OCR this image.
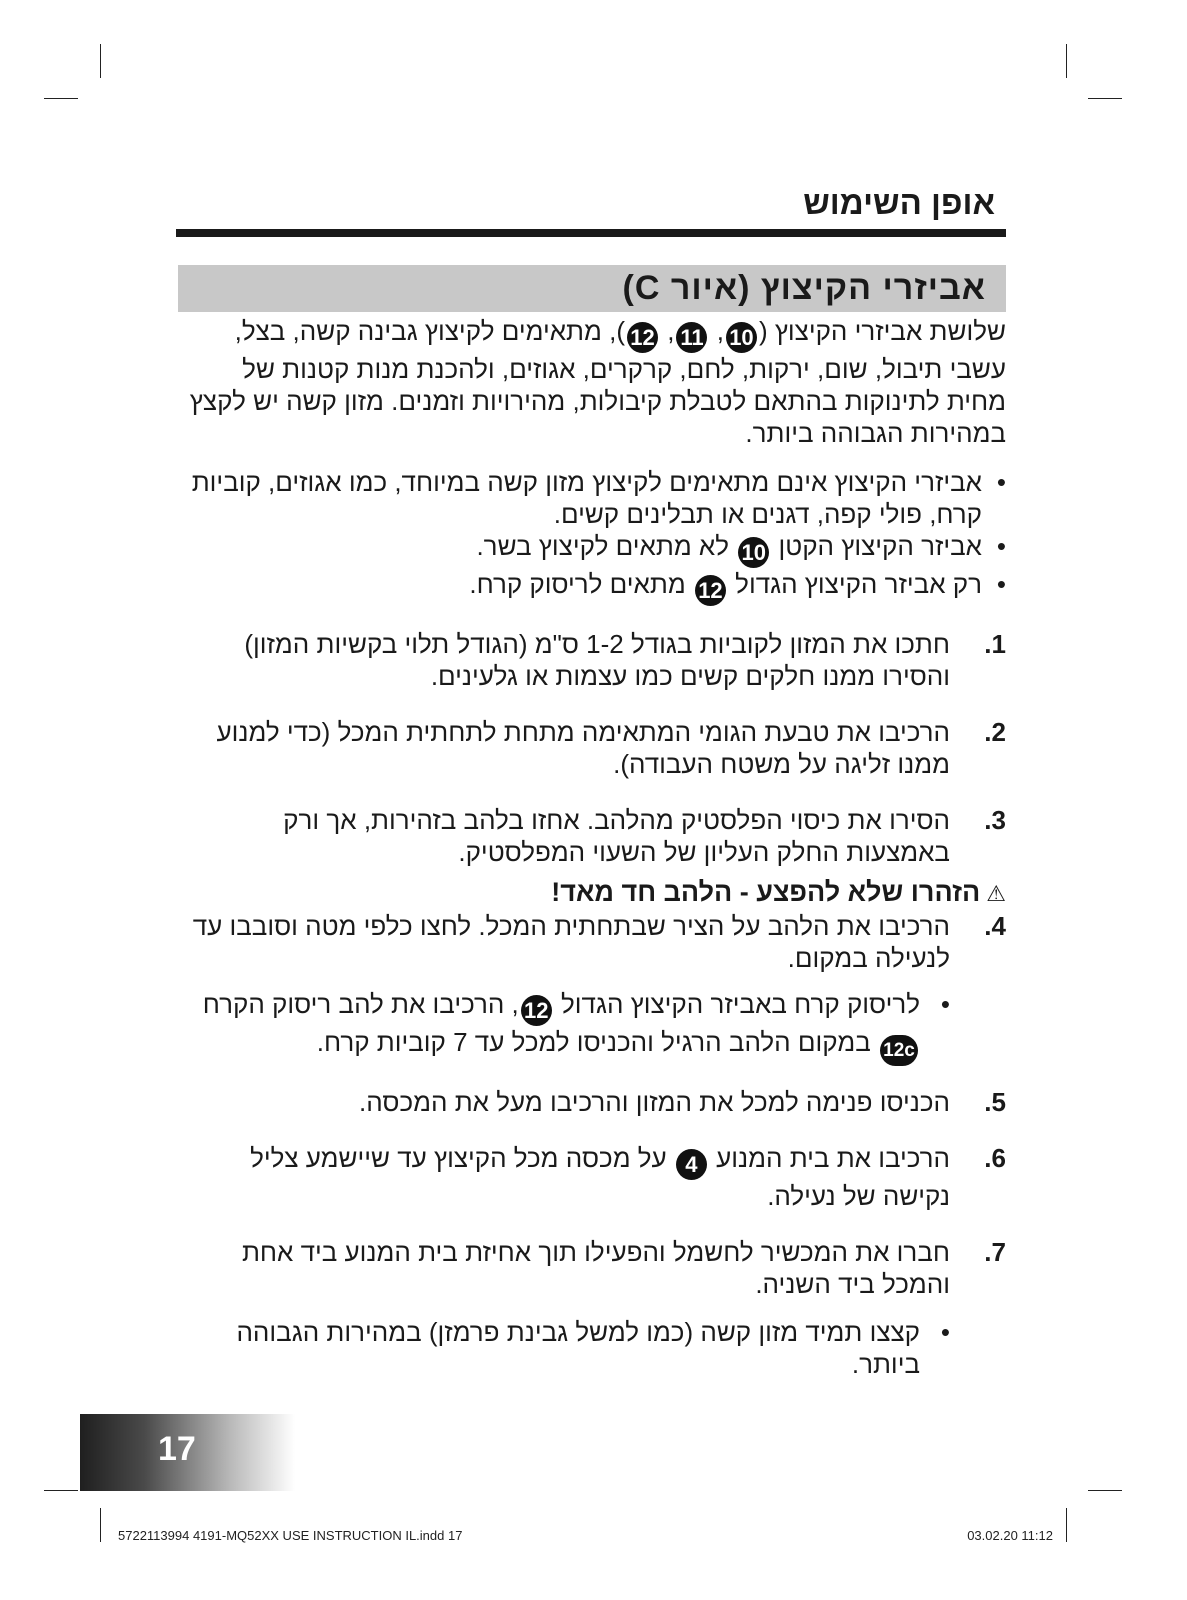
אופן השימוש
אביזרי הקיצוץ (איור C)

שלושת אביזרי הקיצוץ (10, 11, 12), מתאימים לקיצוץ גבינה קשה, בצל, עשבי תיבול, שום, ירקות, לחם, קרקרים, אגוזים, ולהכנת מנות קטנות של מחית לתינוקות בהתאם לטבלת קיבולות, מהירויות וזמנים. מזון קשה יש לקצץ במהירות הגבוהה ביותר.

• אביזרי הקיצוץ אינם מתאימים לקיצוץ מזון קשה במיוחד, כמו אגוזים, קוביות קרח, פולי קפה, דגנים או תבלינים קשים.

• אביזר הקיצוץ הקטן 10 לא מתאים לקיצוץ בשר.

• רק אביזר הקיצוץ הגדול 12 מתאים לריסוק קרח.

1.
חתכו את המזון לקוביות בגודל 1-2 ס"מ (הגודל תלוי בקשיות המזון) והסירו ממנו חלקים קשים כמו עצמות או גלעינים.
2.
הרכיבו את טבעת הגומי המתאימה מתחת לתחתית המכל (כדי למנוע ממנו זליגה על משטח העבודה).
3.
הסירו את כיסוי הפלסטיק מהלהב. אחזו בלהב בזהירות, אך ורק באמצעות החלק העליון של השעוי המפלסטיק.

⚠הזהרו שלא להפצע - הלהב חד מאד!

4.
הרכיבו את הלהב על הציר שבתחתית המכל. לחצו כלפי מטה וסובבו עד לנעילה במקום.

• לריסוק קרח באביזר הקיצוץ הגדול 12, הרכיבו את להב ריסוק הקרח 12c במקום הלהב הרגיל והכניסו למכל עד 7 קוביות קרח.

5.
הכניסו פנימה למכל את המזון והרכיבו מעל את המכסה.
6.
הרכיבו את בית המנוע 4 על מכסה מכל הקיצוץ עד שיישמע צליל נקישה של נעילה.
7.
חברו את המכשיר לחשמל והפעילו תוך אחיזת בית המנוע ביד אחת והמכל ביד השניה.

• קצצו תמיד מזון קשה (כמו למשל גבינת פרמזן) במהירות הגבוהה ביותר.

17
5722113994 4191-MQ52XX USE INSTRUCTION IL.indd 17	03.02.20 11:12
